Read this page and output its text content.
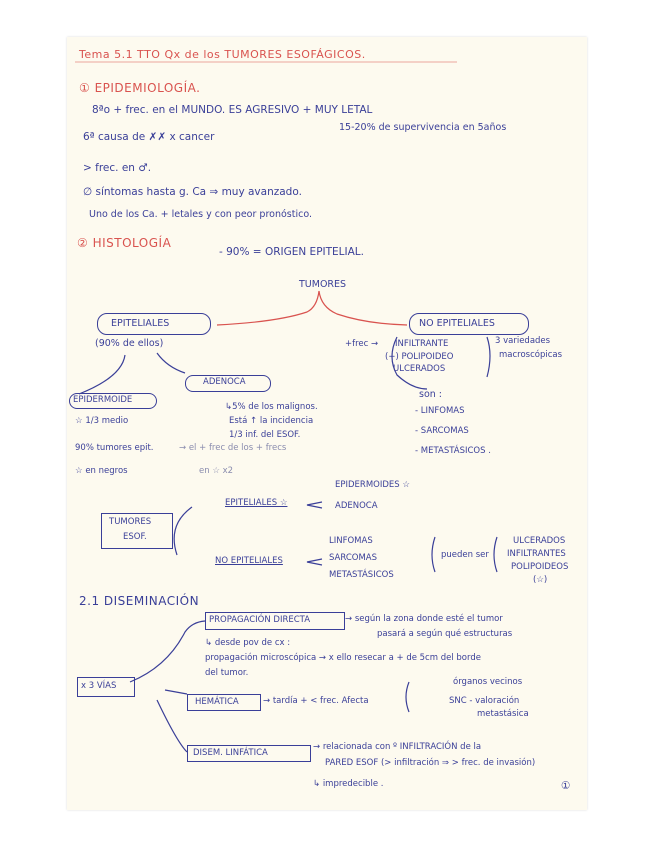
Tema 5.1 TTO Qx de los TUMORES ESOFÁGICOS.
① EPIDEMIOLOGÍA.
8ªo + frec. en el MUNDO. ES AGRESIVO + MUY LETAL
6ª causa de ✗✗ x cancer
15-20% de supervivencia en 5años
> frec. en ♂.
∅ síntomas hasta g. Ca ⇒ muy avanzado.
Uno de los Ca. + letales y con peor pronóstico.
② HISTOLOGÍA
- 90% = ORIGEN EPITELIAL.
TUMORES
EPITELIALES
(90% de ellos)
NO EPITELIALES
+frec → INFILTRANTE
(+) POLIPOIDEO
ULCERADOS
3 variedades
macroscópicas
son :
- LINFOMAS
- SARCOMAS
- METASTÁSICOS .
EPIDERMOIDE
☆ 1/3 medio
90% tumores epit.	→ el + frec de los + frecs
☆ en negros	en ☆ x2
ADENOCA
↳5% de los malignos.
Está ↑ la incidencia
1/3 inf. del ESOF.
TUMORES
ESOF.
EPITELIALES ☆
EPIDERMOIDES ☆
ADENOCA
NO EPITELIALES
LINFOMAS
SARCOMAS
METASTÁSICOS
pueden ser
ULCERADOS
INFILTRANTES
POLIPOIDEOS
(☆)
2.1 DISEMINACIÓN
x 3 VÍAS
PROPAGACIÓN DIRECTA	→ según la zona donde esté el tumor
pasará a según qué estructuras
↳ desde pov de cx :
propagación microscópica → x ello resecar a + de 5cm del borde
del tumor.
HEMÁTICA	→ tardía + < frec. Afecta
órganos vecinos
SNC - valoración
metastásica
DISEM. LINFÁTICA
→ relacionada con º INFILTRACIÓN de la
PARED ESOF (> infiltración ⇒ > frec. de invasión)
↳ impredecible .	①
